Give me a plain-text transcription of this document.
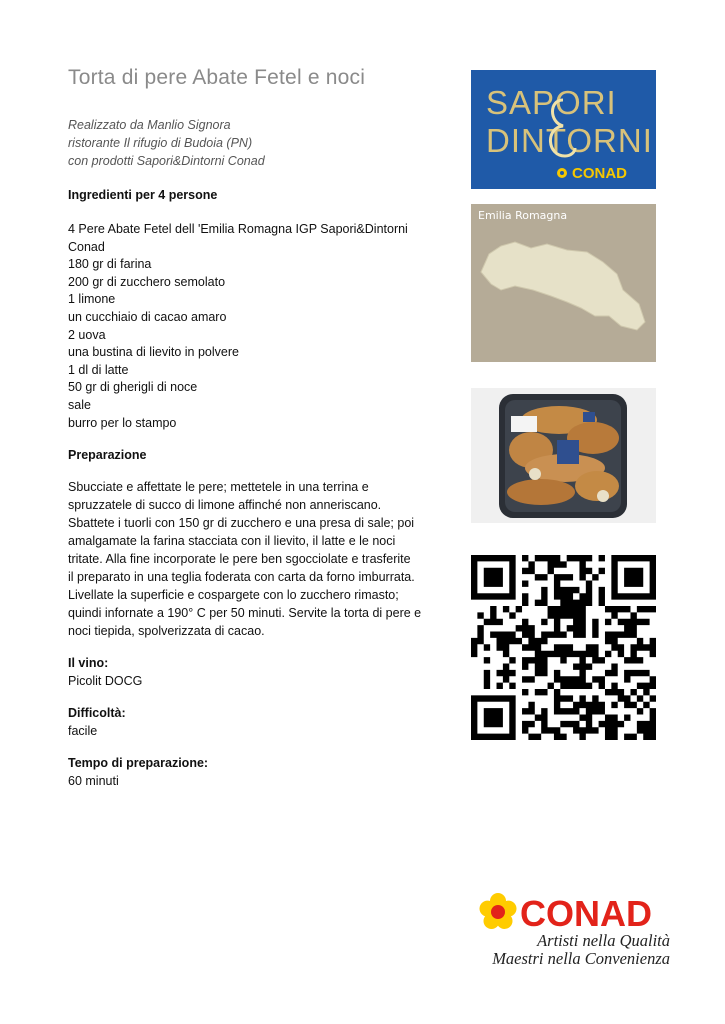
Torta di pere Abate Fetel e noci
Realizzato da Manlio Signora
ristorante Il rifugio di Budoia (PN)
con prodotti Sapori&Dintorni Conad

Ingredienti per 4 persone

4 Pere Abate Fetel dell 'Emilia Romagna IGP Sapori&Dintorni
Conad
180 gr di farina
200 gr di zucchero semolato
1 limone
un cucchiaio di cacao amaro
2 uova
una bustina di lievito in polvere
1 dl di latte
50 gr di gherigli di noce
sale
burro per lo stampo

Preparazione

Sbucciate e affettate le pere; mettetele in una terrina e
spruzzatele di succo di limone affinché non anneriscano.
Sbattete i tuorli con 150 gr di zucchero e una presa di sale; poi
amalgamate la farina stacciata con il lievito, il latte e le noci
tritate. Alla fine incorporate le pere ben sgocciolate e trasferite
il preparato in una teglia foderata con carta da forno imburrata.
Livellate la superficie e cospargete con lo zucchero rimasto;
quindi infornate a 190° C per 50 minuti. Servite la torta di pere e
noci tiepida, spolverizzata di cacao.
Il vino:
Picolit DOCG
Difficoltà:
facile
Tempo di preparazione:
60 minuti
SAPORI
DINTORNI
CONAD
Emilia Romagna
CONAD
Artisti nella Qualità
Maestri nella Convenienza
